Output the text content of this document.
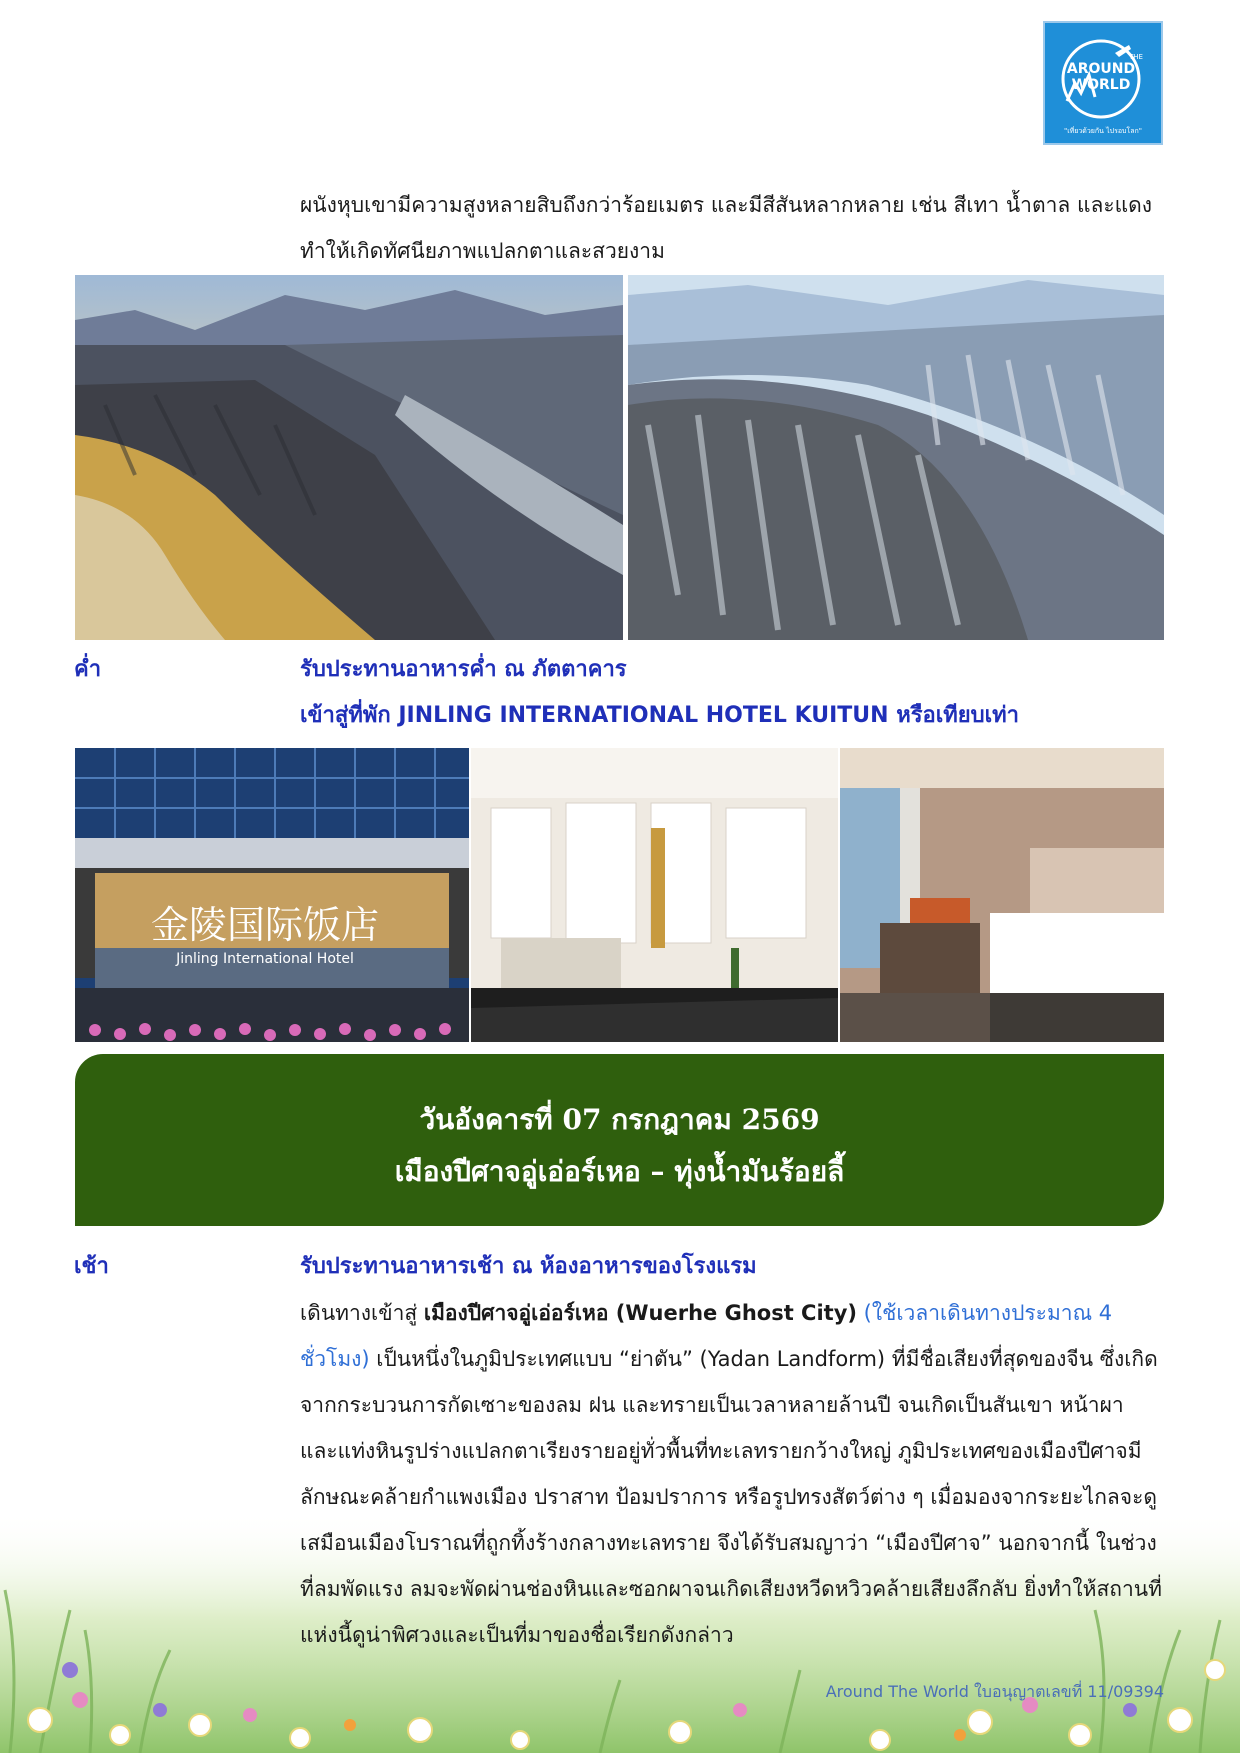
THE
AROUND
WORLD
"เที่ยวด้วยกัน ไปรอบโลก"

ผนังหุบเขามีความสูงหลายสิบถึงกว่าร้อยเมตร และมีสีสันหลากหลาย เช่น สีเทา น้ำตาล และแดง ทำให้เกิดทัศนียภาพแปลกตาและสวยงาม

ค่ำ	รับประทานอาหารค่ำ ณ ภัตตาคาร
เข้าสู่ที่พัก JINLING INTERNATIONAL HOTEL KUITUN หรือเทียบเท่า
金陵国际饭店
Jinling International Hotel
วันอังคารที่ 07 กรกฎาคม 2569
เมืองปีศาจอู่เอ่อร์เหอ – ทุ่งน้ำมันร้อยลี้
เช้า	รับประทานอาหารเช้า ณ ห้องอาหารของโรงแรม

เดินทางเข้าสู่ เมืองปีศาจอู่เอ่อร์เหอ (Wuerhe Ghost City) (ใช้เวลาเดินทางประมาณ 4 ชั่วโมง) เป็นหนึ่งในภูมิประเทศแบบ “ย่าตัน” (Yadan Landform) ที่มีชื่อเสียงที่สุดของจีน ซึ่งเกิดจากกระบวนการกัดเซาะของลม ฝน และทรายเป็นเวลาหลายล้านปี จนเกิดเป็นสันเขา หน้าผา และแท่งหินรูปร่างแปลกตาเรียงรายอยู่ทั่วพื้นที่ทะเลทรายกว้างใหญ่ ภูมิประเทศของเมืองปีศาจมีลักษณะคล้ายกำแพงเมือง ปราสาท ป้อมปราการ หรือรูปทรงสัตว์ต่าง ๆ เมื่อมองจากระยะไกลจะดูเสมือนเมืองโบราณที่ถูกทิ้งร้างกลางทะเลทราย จึงได้รับสมญาว่า “เมืองปีศาจ” นอกจากนี้ ในช่วงที่ลมพัดแรง ลมจะพัดผ่านช่องหินและซอกผาจนเกิดเสียงหวีดหวิวคล้ายเสียงลึกลับ ยิ่งทำให้สถานที่แห่งนี้ดูน่าพิศวงและเป็นที่มาของชื่อเรียกดังกล่าว

Around The World ใบอนุญาตเลขที่ 11/09394
